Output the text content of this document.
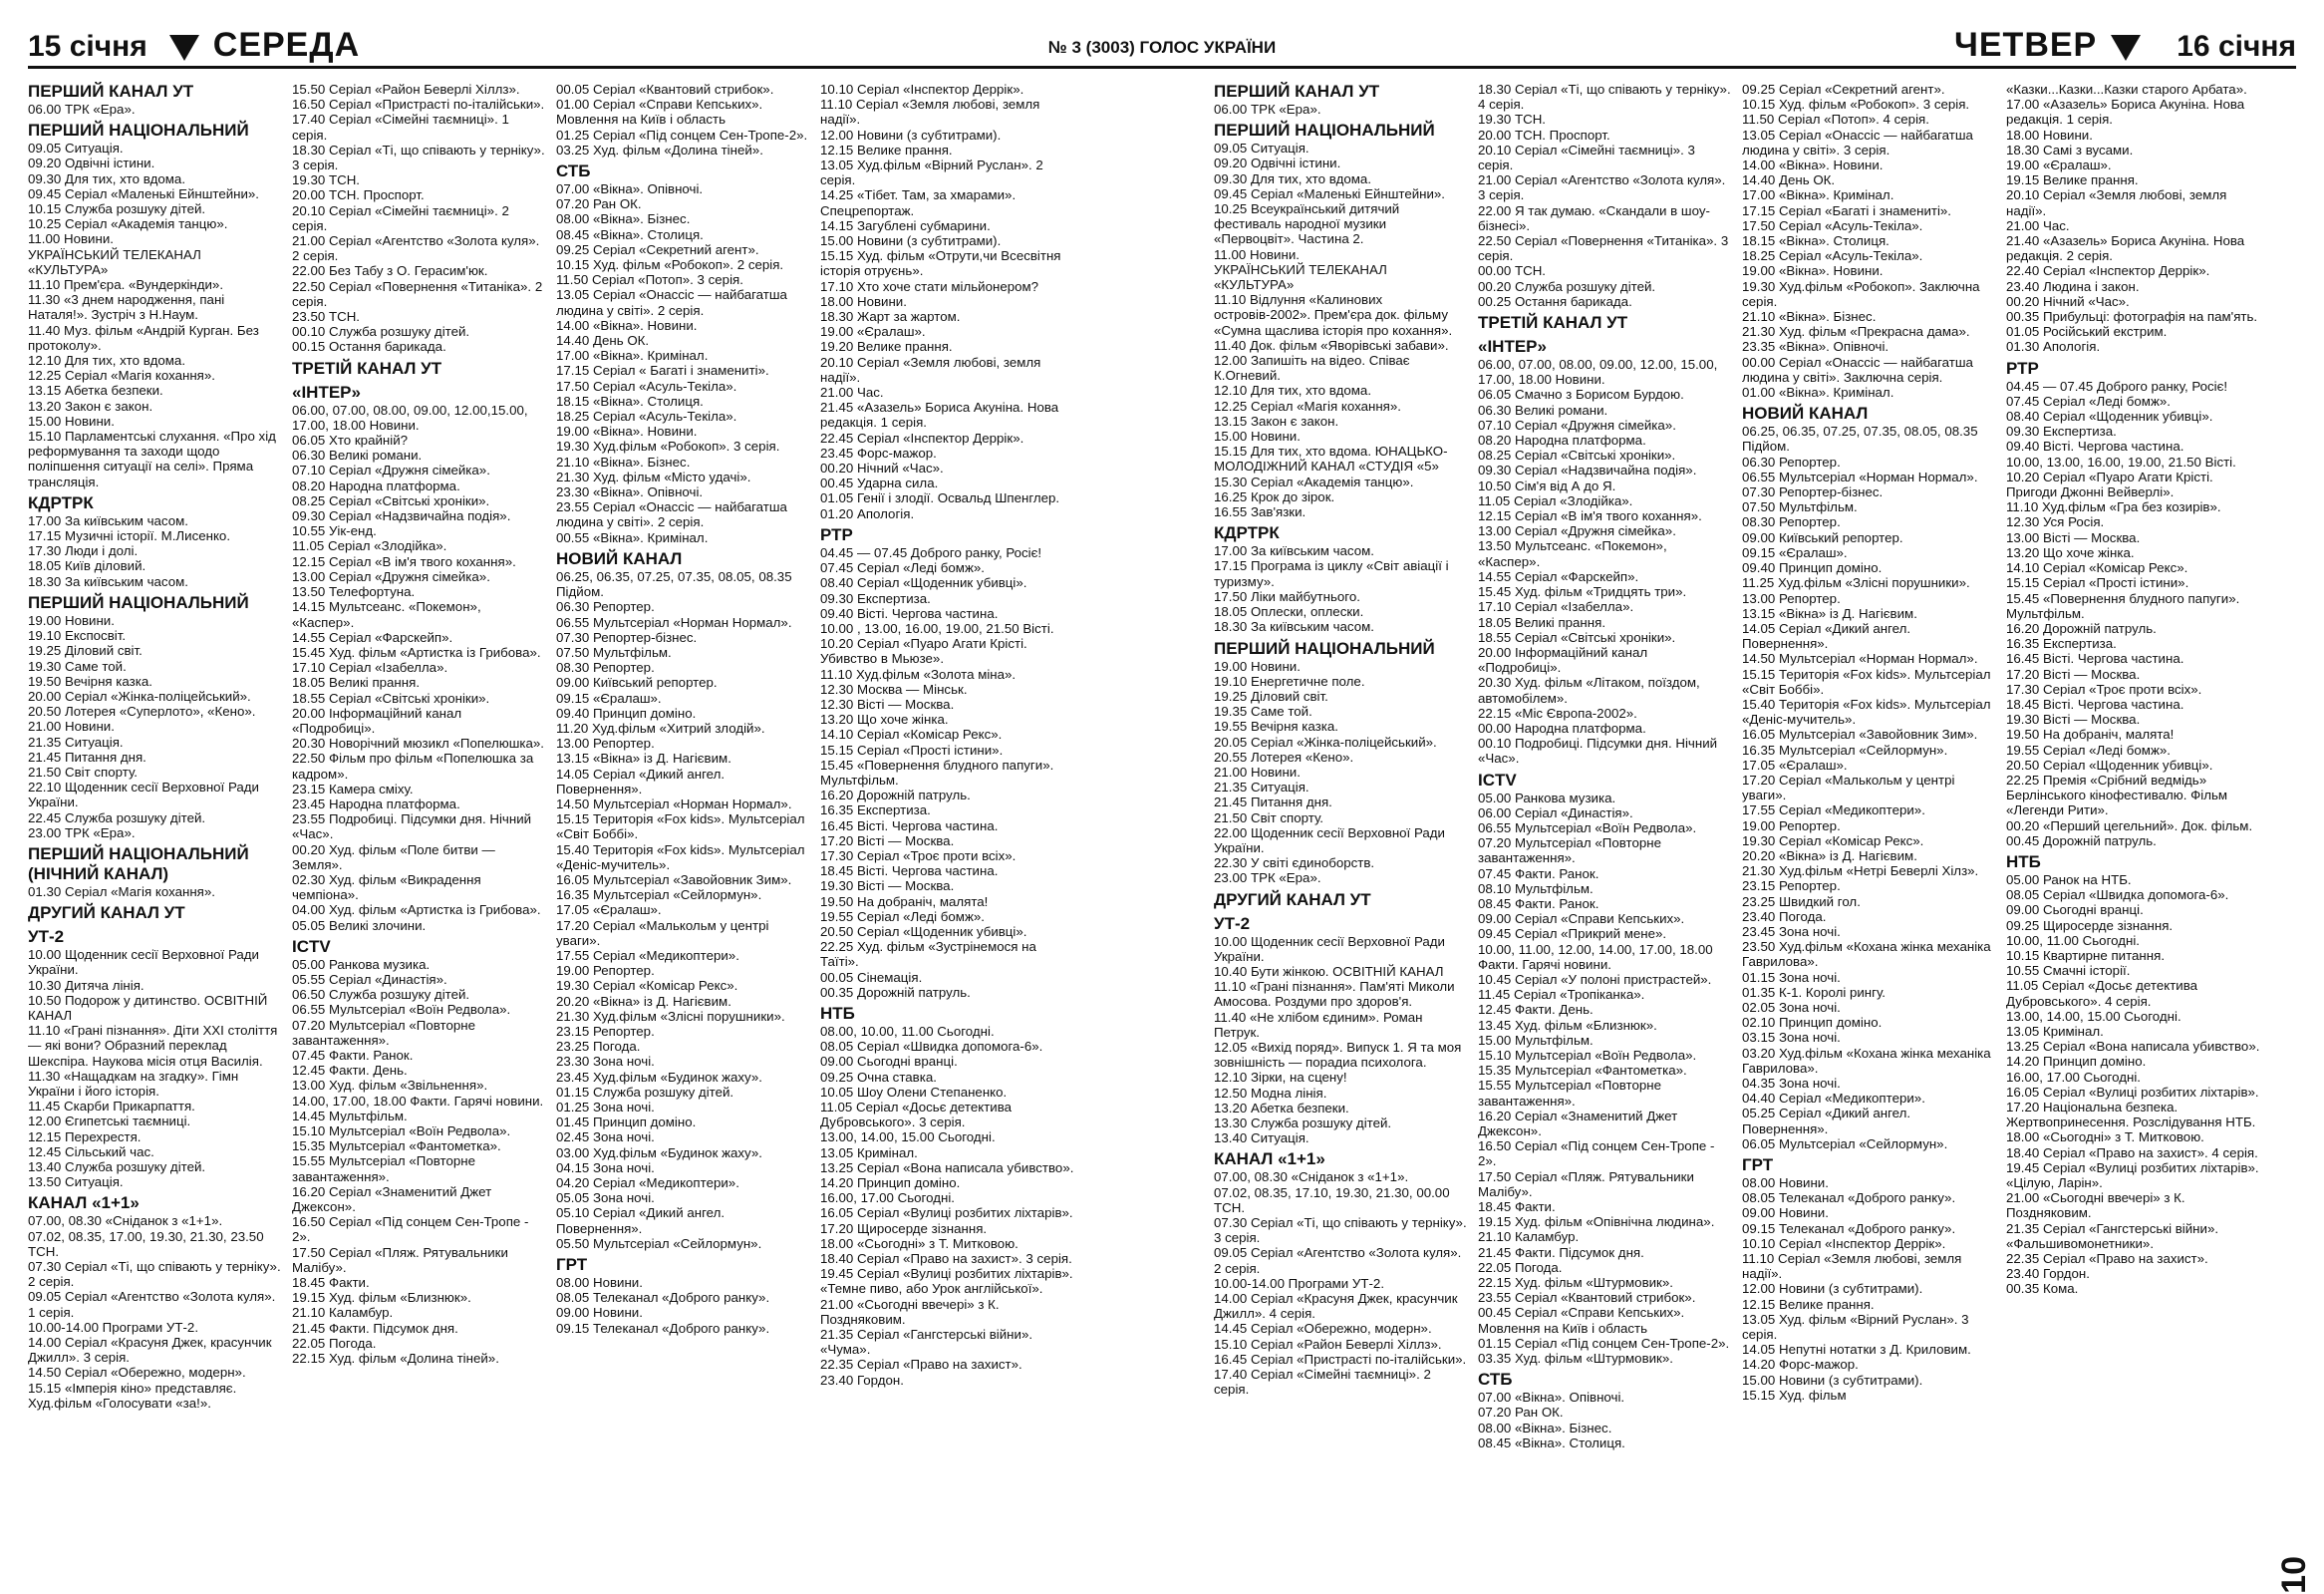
15 січня СЕРЕДА	№ 3 (3003) ГОЛОС УКРАЇНИ	ЧЕТВЕР	16 січня
ПЕРШИЙ КАНАЛ УТ
06.00 ТРК «Ера».
ПЕРШИЙ НАЦІОНАЛЬНИЙ
09.05 Ситуація.
09.20 Одвічні істини.
09.30 Для тих, хто вдома.
09.45 Серіал «Маленькі Ейнштейни».
10.15 Служба розшуку дітей.
10.25 Серіал «Академія танцю».
11.00 Новини.
УКРАЇНСЬКИЙ ТЕЛЕКАНАЛ «КУЛЬТУРА»
11.10 Прем'єра. «Вундеркінди».
11.30 «3 днем народження, пані Наталя!». Зустріч з Н.Наум.
11.40 Муз. фільм «Андрій Курган. Без протоколу».
12.10 Для тих, хто вдома.
12.25 Серіал «Магія кохання».
13.15 Абетка безпеки.
13.20 Закон є закон.
15.00 Новини.
15.10 Парламентські слухання. «Про хід реформування та заходи щодо поліпшення ситуації на селі». Пряма трансляція.
КДРТРК
17.00 За київським часом.
17.15 Музичні історії. М.Лисенко.
17.30 Люди і долі.
18.05 Київ діловий.
18.30 За київським часом.
ПЕРШИЙ НАЦІОНАЛЬНИЙ
19.00 Новини.
19.10 Експосвіт.
19.25 Діловий світ.
19.30 Саме той.
19.50 Вечірня казка.
20.00 Серіал «Жінка-поліцейський».
20.50 Лотерея «Суперлото», «Кено».
21.00 Новини.
21.35 Ситуація.
21.45 Питання дня.
21.50 Світ спорту.
22.10 Щоденник сесії Верховної Ради України.
22.45 Служба розшуку дітей.
23.00 ТРК «Ера».
ПЕРШИЙ НАЦІОНАЛЬНИЙ (НІЧНИЙ КАНАЛ)
01.30 Серіал «Магія кохання».
ДРУГИЙ КАНАЛ УТ
УТ-2
10.00 Щоденник сесії Верховної Ради України.
10.30 Дитяча лінія.
10.50 Подорож у дитинство. ОСВІТНІЙ КАНАЛ
11.10 «Грані пізнання». Діти XXI століття — які вони? Образний переклад Шекспіра. Наукова місія отця Василія.
11.30 «Нащадкам на згадку». Гімн України і його історія.
11.45 Скарби Прикарпаття.
12.00 Єгипетські таємниці.
12.15 Перехрестя.
12.45 Сільський час.
13.40 Служба розшуку дітей.
13.50 Ситуація.
КАНАЛ «1+1»
07.00, 08.30 «Сніданок з «1+1».
07.02, 08.35, 17.00, 19.30, 21.30, 23.50 ТСН.
07.30 Серіал «Ті, що співають у терніку». 2 серія.
09.05 Серіал «Агентство «Золота куля». 1 серія.
10.00-14.00 Програми УТ-2.
14.00 Серіал «Красуня Джек, красунчик Джилл». 3 серія.
14.50 Серіал «Обережно, модерн».
15.15 «Імперія кіно» представляє. Худ.фільм «Голосувати «за!».
15.50 Серіал «Район Беверлі Хіллз».
16.50 Серіал «Пристрасті по-італійськи».
17.40 Серіал «Сімейні таємниці». 1 серія.
18.30 Серіал «Ті, що співають у терніку». 3 серія.
19.30 ТСН.
20.00 ТСН. Проспорт.
20.10 Серіал «Сімейні таємниці». 2 серія.
21.00 Серіал «Агентство «Золота куля». 2 серія.
22.00 Без Табу з О. Герасим'юк.
22.50 Серіал «Повернення «Титаніка». 2 серія.
23.50 ТСН.
00.10 Служба розшуку дітей.
00.15 Остання барикада.
ТРЕТІЙ КАНАЛ УТ
«ІНТЕР»
06.00, 07.00, 08.00, 09.00, 12.00,15.00, 17.00, 18.00 Новини.
06.05 Хто крайній?
06.30 Великі романи.
07.10 Серіал «Дружня сімейка».
08.20 Народна платформа.
08.25 Серіал «Світські хроніки».
09.30 Серіал «Надзвичайна подія».
10.55 Уік-енд.
11.05 Серіал «Злодійка».
12.15 Серіал «В ім'я твого кохання».
13.00 Серіал «Дружня сімейка».
13.50 Телефортуна.
14.15 Мультсеанс. «Покемон», «Каспер».
14.55 Серіал «Фарскейп».
15.45 Худ. фільм «Артистка із Грибова».
17.10 Серіал «Ізабелла».
18.05 Великі прання.
18.55 Серіал «Світські хроніки».
20.00 Інформаційний канал «Подробиці».
20.30 Новорічний мюзикл «Попелюшка».
22.50 Фільм про фільм «Попелюшка за кадром».
23.15 Камера сміху.
23.45 Народна платформа.
23.55 Подробиці. Підсумки дня. Нічний «Час».
00.20 Худ. фільм «Поле битви — Земля».
02.30 Худ. фільм «Викрадення чемпіона».
04.00 Худ. фільм «Артистка із Грибова».
05.05 Великі злочини.
ICTV
05.00 Ранкова музика.
05.55 Серіал «Династія».
06.50 Служба розшуку дітей.
06.55 Мультсеріал «Воїн Редвола».
07.20 Мультсеріал «Повторне завантаження».
07.45 Факти. Ранок.
12.45 Факти. День.
13.00 Худ. фільм «Звільнення».
14.00, 17.00, 18.00 Факти. Гарячі новини.
14.45 Мультфільм.
15.10 Мультсеріал «Воїн Редвола».
15.35 Мультсеріал «Фантометка».
15.55 Мультсеріал «Повторне завантаження».
16.20 Серіал «Знаменитий Джет Джексон».
16.50 Серіал «Під сонцем Сен-Тропе - 2».
17.50 Серіал «Пляж. Рятувальники Малібу».
18.45 Факти.
19.15 Худ. фільм «Близнюк».
21.10 Каламбур.
21.45 Факти. Підсумок дня.
22.05 Погода.
22.15 Худ. фільм «Долина тіней».
00.05 Серіал «Квантовий стрибок».
01.00 Серіал «Справи Кепських». Мовлення на Київ і область
01.25 Серіал «Під сонцем Сен-Тропе-2».
03.25 Худ. фільм «Долина тіней».
СТБ
07.00 «Вікна». Опівночі.
07.20 Ран ОК.
08.00 «Вікна». Бізнес.
08.45 «Вікна». Столиця.
09.25 Серіал «Секретний агент».
10.15 Худ. фільм «Робокоп». 2 серія.
11.50 Серіал «Потоп». 3 серія.
13.05 Серіал «Онассіс — найбагатша людина у світі». 2 серія.
14.00 «Вікна». Новини.
14.40 День ОК.
17.00 «Вікна». Кримінал.
17.15 Серіал « Багаті і знамениті».
17.50 Серіал «Асуль-Текіла».
18.15 «Вікна». Столиця.
18.25 Серіал «Асуль-Текіла».
19.00 «Вікна». Новини.
19.30 Худ.фільм «Робокоп». 3 серія.
21.10 «Вікна». Бізнес.
21.30 Худ. фільм «Місто удачі».
23.30 «Вікна». Опівночі.
23.55 Серіал «Онассіс — найбагатша людина у світі». 2 серія.
00.55 «Вікна». Кримінал.
НОВИЙ КАНАЛ
06.25, 06.35, 07.25, 07.35, 08.05, 08.35 Підйом.
06.30 Репортер.
06.55 Мультсеріал «Норман Нормал».
07.30 Репортер-бізнес.
07.50 Мультфільм.
08.30 Репортер.
09.00 Київський репортер.
09.15 «Єралаш».
09.40 Принцип доміно.
11.20 Худ.фільм «Хитрий злодій».
13.00 Репортер.
13.15 «Вікна» із Д. Нагієвим.
14.05 Серіал «Дикий ангел. Повернення».
14.50 Мультсеріал «Норман Нормал».
15.15 Територія «Fox kids». Мультсеріал «Світ Боббі».
15.40 Територія «Fox kids». Мультсеріал «Деніс-мучитель».
16.05 Мультсеріал «Завойовник Зим».
16.35 Мультсеріал «Сейлормун».
17.05 «Єралаш».
17.20 Серіал «Малькольм у центрі уваги».
17.55 Серіал «Медикоптери».
19.00 Репортер.
19.30 Серіал «Комісар Рекс».
20.20 «Вікна» із Д. Нагієвим.
21.30 Худ.фільм «Злісні порушники».
23.15 Репортер.
23.25 Погода.
23.30 Зона ночі.
23.45 Худ.фільм «Будинок жаху».
01.15 Служба розшуку дітей.
01.25 Зона ночі.
01.45 Принцип доміно.
02.45 Зона ночі.
03.00 Худ.фільм «Будинок жаху».
04.15 Зона ночі.
04.20 Серіал «Медикоптери».
05.05 Зона ночі.
05.10 Серіал «Дикий ангел. Повернення».
05.50 Мультсеріал «Сейлормун».
ГРТ
08.00 Новини.
08.05 Телеканал «Доброго ранку».
09.00 Новини.
09.15 Телеканал «Доброго ранку».
10.10 Серіал «Інспектор Деррік».
11.10 Серіал «Земля любові, земля надії».
12.00 Новини (з субтитрами).
12.15 Велике прання.
13.05 Худ.фільм «Вірний Руслан». 2 серія.
14.25 «Тібет. Там, за хмарами». Спецрепортаж.
14.15 Загублені субмарини.
15.00 Новини (з субтитрами).
15.15 Худ. фільм «Отрути,чи Всесвітня історія отруєнь».
17.10 Хто хоче стати мільйонером?
18.00 Новини.
18.30 Жарт за жартом.
19.00 «Єралаш».
19.20 Велике прання.
20.10 Серіал «Земля любові, земля надії».
21.00 Час.
21.45 «Азазель» Бориса Акуніна. Нова редакція. 1 серія.
22.45 Серіал «Інспектор Деррік».
23.45 Форс-мажор.
00.20 Нічний «Час».
00.45 Ударна сила.
01.05 Генії і злодії. Освальд Шпенглер.
01.20 Апологія.
РТР
04.45 — 07.45 Доброго ранку, Росіє!
07.45 Серіал «Леді бомж».
08.40 Серіал «Щоденник убивці».
09.30 Експертиза.
09.40 Вісті. Чергова частина.
10.00 , 13.00, 16.00, 19.00, 21.50 Вісті.
10.20 Серіал «Пуаро Агати Крісті. Убивство в Мьюзе».
11.10 Худ.фільм «Золота міна».
12.30 Москва — Мінськ.
12.30 Вісті — Москва.
13.20 Що хоче жінка.
14.10 Серіал «Комісар Рекс».
15.15 Серіал «Прості істини».
15.45 «Повернення блудного папуги». Мультфільм.
16.20 Дорожній патруль.
16.35 Експертиза.
16.45 Вісті. Чергова частина.
17.20 Вісті — Москва.
17.30 Серіал «Троє проти всіх».
18.45 Вісті. Чергова частина.
19.30 Вісті — Москва.
19.50 На добраніч, малята!
19.55 Серіал «Леді бомж».
20.50 Серіал «Щоденник убивці».
22.25 Худ. фільм «Зустрінемося на Таїті».
00.05 Сінемація.
00.35 Дорожній патруль.
НТБ
08.00, 10.00, 11.00 Сьогодні.
08.05 Серіал «Швидка допомога-6».
09.00 Сьогодні вранці.
09.25 Очна ставка.
10.05 Шоу Олени Степаненко.
11.05 Серіал «Досьє детектива Дубровського». 3 серія.
13.00, 14.00, 15.00 Сьогодні.
13.05 Кримінал.
13.25 Серіал «Вона написала убивство».
14.20 Принцип доміно.
16.00, 17.00 Сьогодні.
16.05 Серіал «Вулиці розбитих ліхтарів».
17.20 Щиросерде зізнання.
18.00 «Сьогодні» з Т. Митковою.
18.40 Серіал «Право на захист». 3 серія.
19.45 Серіал «Вулиці розбитих ліхтарів». «Темне пиво, або Урок англійської».
21.00 «Сьогодні ввечері» з К. Поздняковим.
21.35 Серіал «Гангстерські війни». «Чума».
22.35 Серіал «Право на захист».
23.40 Гордон.
ПЕРШИЙ КАНАЛ УТ
06.00 ТРК «Ера».
ПЕРШИЙ НАЦІОНАЛЬНИЙ
09.05 Ситуація.
09.20 Одвічні істини.
09.30 Для тих, хто вдома.
09.45 Серіал «Маленькі Ейнштейни».
10.25 Всеукраїнський дитячий фестиваль народної музики «Первоцвіт». Частина 2.
11.00 Новини.
УКРАЇНСЬКИЙ ТЕЛЕКАНАЛ «КУЛЬТУРА»
11.10 Відлуння «Калинових островів-2002». Прем'єра док. фільму «Сумна щаслива історія про кохання».
11.40 Док. фільм «Яворівські забави».
12.00 Запишіть на відео. Співає К.Огневий.
12.10 Для тих, хто вдома.
12.25 Серіал «Магія кохання».
13.15 Закон є закон.
15.00 Новини.
15.15 Для тих, хто вдома. ЮНАЦЬКО-МОЛОДІЖНИЙ КАНАЛ «СТУДІЯ «5»
15.30 Серіал «Академія танцю».
16.25 Крок до зірок.
16.55 Зав'язки.
КДРТРК
17.00 За київським часом.
17.15 Програма із циклу «Світ авіації і туризму».
17.50 Ліки майбутнього.
18.05 Оплески, оплески.
18.30 За київським часом.
ПЕРШИЙ НАЦІОНАЛЬНИЙ
19.00 Новини.
19.10 Енергетичне поле.
19.25 Діловий світ.
19.35 Саме той.
19.55 Вечірня казка.
20.05 Серіал «Жінка-поліцейський».
20.55 Лотерея «Кено».
21.00 Новини.
21.35 Ситуація.
21.45 Питання дня.
21.50 Світ спорту.
22.00 Щоденник сесії Верховної Ради України.
22.30 У світі єдиноборств.
23.00 ТРК «Ера».
ДРУГИЙ КАНАЛ УТ
УТ-2
10.00 Щоденник сесії Верховної Ради України.
10.40 Бути жінкою. ОСВІТНІЙ КАНАЛ
11.10 «Грані пізнання». Пам'яті Миколи Амосова. Роздуми про здоров'я.
11.40 «Не хлібом єдиним». Роман Петрук.
12.05 «Вихід поряд». Випуск 1. Я та моя зовнішність — порадиа психолога.
12.10 Зірки, на сцену!
12.50 Модна лінія.
13.20 Абетка безпеки.
13.30 Служба розшуку дітей.
13.40 Ситуація.
КАНАЛ «1+1»
07.00, 08.30 «Сніданок з «1+1».
07.02, 08.35, 17.10, 19.30, 21.30, 00.00 ТСН.
07.30 Серіал «Ті, що співають у терніку». 3 серія.
09.05 Серіал «Агентство «Золота куля». 2 серія.
10.00-14.00 Програми УТ-2.
14.00 Серіал «Красуня Джек, красунчик Джилл». 4 серія.
14.45 Серіал «Обережно, модерн».
15.10 Серіал «Район Беверлі Хіллз».
16.45 Серіал «Пристрасті по-італійськи».
17.40 Серіал «Сімейні таємниці». 2 серія.
18.30 Серіал «Ті, що співають у терніку». 4 серія.
19.30 ТСН.
20.00 ТСН. Проспорт.
20.10 Серіал «Сімейні таємниці». 3 серія.
21.00 Серіал «Агентство «Золота куля». 3 серія.
22.00 Я так думаю. «Скандали в шоу-бізнесі».
22.50 Серіал «Повернення «Титаніка». 3 серія.
00.00 ТСН.
00.20 Служба розшуку дітей.
00.25 Остання барикада.
ТРЕТІЙ КАНАЛ УТ
«ІНТЕР»
06.00, 07.00, 08.00, 09.00, 12.00, 15.00, 17.00, 18.00 Новини.
06.05 Смачно з Борисом Бурдою.
06.30 Великі романи.
07.10 Серіал «Дружня сімейка».
08.20 Народна платформа.
08.25 Серіал «Світські хроніки».
09.30 Серіал «Надзвичайна подія».
10.50 Сім'я від А до Я.
11.05 Серіал «Злодійка».
12.15 Серіал «В ім'я твого кохання».
13.00 Серіал «Дружня сімейка».
13.50 Мультсеанс. «Покемон», «Каспер».
14.55 Серіал «Фарскейп».
15.45 Худ. фільм «Тридцять три».
17.10 Серіал «Ізабелла».
18.05 Великі прання.
18.55 Серіал «Світські хроніки».
20.00 Інформаційний канал «Подробиці».
20.30 Худ. фільм «Літаком, поїздом, автомобілем».
22.15 «Міс Європа-2002».
00.00 Народна платформа.
00.10 Подробиці. Підсумки дня. Нічний «Час».
ICTV
05.00 Ранкова музика.
06.00 Серіал «Династія».
06.55 Мультсеріал «Воїн Редвола».
07.20 Мультсеріал «Повторне завантаження».
07.45 Факти. Ранок.
08.10 Мультфільм.
08.45 Факти. Ранок.
09.00 Серіал «Справи Кепських».
09.45 Серіал «Прикрий мене».
10.00, 11.00, 12.00, 14.00, 17.00, 18.00 Факти. Гарячі новини.
10.45 Серіал «У полоні пристрастей».
11.45 Серіал «Тропіканка».
12.45 Факти. День.
13.45 Худ. фільм «Близнюк».
15.00 Мультфільм.
15.10 Мультсеріал «Воїн Редвола».
15.35 Мультсеріал «Фантометка».
15.55 Мультсеріал «Повторне завантаження».
16.20 Серіал «Знаменитий Джет Джексон».
16.50 Серіал «Під сонцем Сен-Тропе - 2».
17.50 Серіал «Пляж. Рятувальники Малібу».
18.45 Факти.
19.15 Худ. фільм «Опівнічна людина».
21.10 Каламбур.
21.45 Факти. Підсумок дня.
22.05 Погода.
22.15 Худ. фільм «Штурмовик».
23.55 Серіал «Квантовий стрибок».
00.45 Серіал «Справи Кепських». Мовлення на Київ і область
01.15 Серіал «Під сонцем Сен-Тропе-2».
03.35 Худ. фільм «Штурмовик».
СТБ
07.00 «Вікна». Опівночі.
07.20 Ран ОК.
08.00 «Вікна». Бізнес.
08.45 «Вікна». Столиця.
09.25 Серіал «Секретний агент».
10.15 Худ. фільм «Робокоп». 3 серія.
11.50 Серіал «Потоп». 4 серія.
13.05 Серіал «Онассіс — найбагатша людина у світі». 3 серія.
14.00 «Вікна». Новини.
14.40 День ОК.
17.00 «Вікна». Кримінал.
17.15 Серіал «Багаті і знамениті».
17.50 Серіал «Асуль-Текіла».
18.15 «Вікна». Столиця.
18.25 Серіал «Асуль-Текіла».
19.00 «Вікна». Новини.
19.30 Худ.фільм «Робокоп». Заключна серія.
21.10 «Вікна». Бізнес.
21.30 Худ. фільм «Прекрасна дама».
23.35 «Вікна». Опівночі.
00.00 Серіал «Онассіс — найбагатша людина у світі». Заключна серія.
01.00 «Вікна». Кримінал.
НОВИЙ КАНАЛ
06.25, 06.35, 07.25, 07.35, 08.05, 08.35 Підйом.
06.30 Репортер.
06.55 Мультсеріал «Норман Нормал».
07.30 Репортер-бізнес.
07.50 Мультфільм.
08.30 Репортер.
09.00 Київський репортер.
09.15 «Єралаш».
09.40 Принцип доміно.
11.25 Худ.фільм «Злісні порушники».
13.00 Репортер.
13.15 «Вікна» із Д. Нагієвим.
14.05 Серіал «Дикий ангел. Повернення».
14.50 Мультсеріал «Норман Нормал».
15.15 Територія «Fox kids». Мультсеріал «Світ Боббі».
15.40 Територія «Fox kids». Мультсеріал «Деніс-мучитель».
16.05 Мультсеріал «Завойовник Зим».
16.35 Мультсеріал «Сейлормун».
17.05 «Єралаш».
17.20 Серіал «Малькольм у центрі уваги».
17.55 Серіал «Медикоптери».
19.00 Репортер.
19.30 Серіал «Комісар Рекс».
20.20 «Вікна» із Д. Нагієвим.
21.30 Худ.фільм «Нетрі Беверлі Хілз».
23.15 Репортер.
23.25 Швидкий гол.
23.40 Погода.
23.45 Зона ночі.
23.50 Худ.фільм «Кохана жінка механіка Гаврилова».
01.15 Зона ночі.
01.35 К-1. Королі рингу.
02.05 Зона ночі.
02.10 Принцип доміно.
03.15 Зона ночі.
03.20 Худ.фільм «Кохана жінка механіка Гаврилова».
04.35 Зона ночі.
04.40 Серіал «Медикоптери».
05.25 Серіал «Дикий ангел. Повернення».
06.05 Мультсеріал «Сейлормун».
ГРТ
08.00 Новини.
08.05 Телеканал «Доброго ранку».
09.00 Новини.
09.15 Телеканал «Доброго ранку».
10.10 Серіал «Інспектор Деррік».
11.10 Серіал «Земля любові, земля надії».
12.00 Новини (з субтитрами).
12.15 Велике прання.
13.05 Худ. фільм «Вірний Руслан». 3 серія.
14.05 Непутні нотатки з Д. Криловим.
14.20 Форс-мажор.
15.00 Новини (з субтитрами).
15.15 Худ. фільм
«Казки...Казки...Казки старого Арбата».
17.00 «Азазель» Бориса Акуніна. Нова редакція. 1 серія.
18.00 Новини.
18.30 Самі з вусами.
19.00 «Єралаш».
19.15 Велике прання.
20.10 Серіал «Земля любові, земля надії».
21.00 Час.
21.40 «Азазель» Бориса Акуніна. Нова редакція. 2 серія.
22.40 Серіал «Інспектор Деррік».
23.40 Людина і закон.
00.20 Нічний «Час».
00.35 Прибульці: фотографія на пам'ять.
01.05 Російський екстрим.
01.30 Апологія.
РТР
04.45 — 07.45 Доброго ранку, Росіє!
07.45 Серіал «Леді бомж».
08.40 Серіал «Щоденник убивці».
09.30 Експертиза.
09.40 Вісті. Чергова частина.
10.00, 13.00, 16.00, 19.00, 21.50 Вісті.
10.20 Серіал «Пуаро Агати Крісті. Пригоди Джонні Вейверлі».
11.10 Худ.фільм «Гра без козирів».
12.30 Уся Росія.
13.00 Вісті — Москва.
13.20 Що хоче жінка.
14.10 Серіал «Комісар Рекс».
15.15 Серіал «Прості істини».
15.45 «Повернення блудного папуги». Мультфільм.
16.20 Дорожній патруль.
16.35 Експертиза.
16.45 Вісті. Чергова частина.
17.20 Вісті — Москва.
17.30 Серіал «Троє проти всіх».
18.45 Вісті. Чергова частина.
19.30 Вісті — Москва.
19.50 На добраніч, малята!
19.55 Серіал «Леді бомж».
20.50 Серіал «Щоденник убивці».
22.25 Премія «Срібний ведмідь» Берлінського кінофестивалю. Фільм «Легенди Рити».
00.20 «Перший цегельний». Док. фільм.
00.45 Дорожній патруль.
НТБ
05.00 Ранок на НТБ.
08.05 Серіал «Швидка допомога-6».
09.00 Сьогодні вранці.
09.25 Щиросерде зізнання.
10.00, 11.00 Сьогодні.
10.15 Квартирне питання.
10.55 Смачні історії.
11.05 Серіал «Досьє детектива Дубровського». 4 серія.
13.00, 14.00, 15.00 Сьогодні.
13.05 Кримінал.
13.25 Серіал «Вона написала убивство».
14.20 Принцип доміно.
16.00, 17.00 Сьогодні.
16.05 Серіал «Вулиці розбитих ліхтарів».
17.20 Національна безпека. Жертвопринесення. Розслідування НТБ.
18.00 «Сьогодні» з Т. Митковою.
18.40 Серіал «Право на захист». 4 серія.
19.45 Серіал «Вулиці розбитих ліхтарів». «Цілую, Ларін».
21.00 «Сьогодні ввечері» з К. Поздняковим.
21.35 Серіал «Гангстерські війни». «Фальшивомонетники».
22.35 Серіал «Право на захист».
23.40 Гордон.
00.35 Кома.
10
